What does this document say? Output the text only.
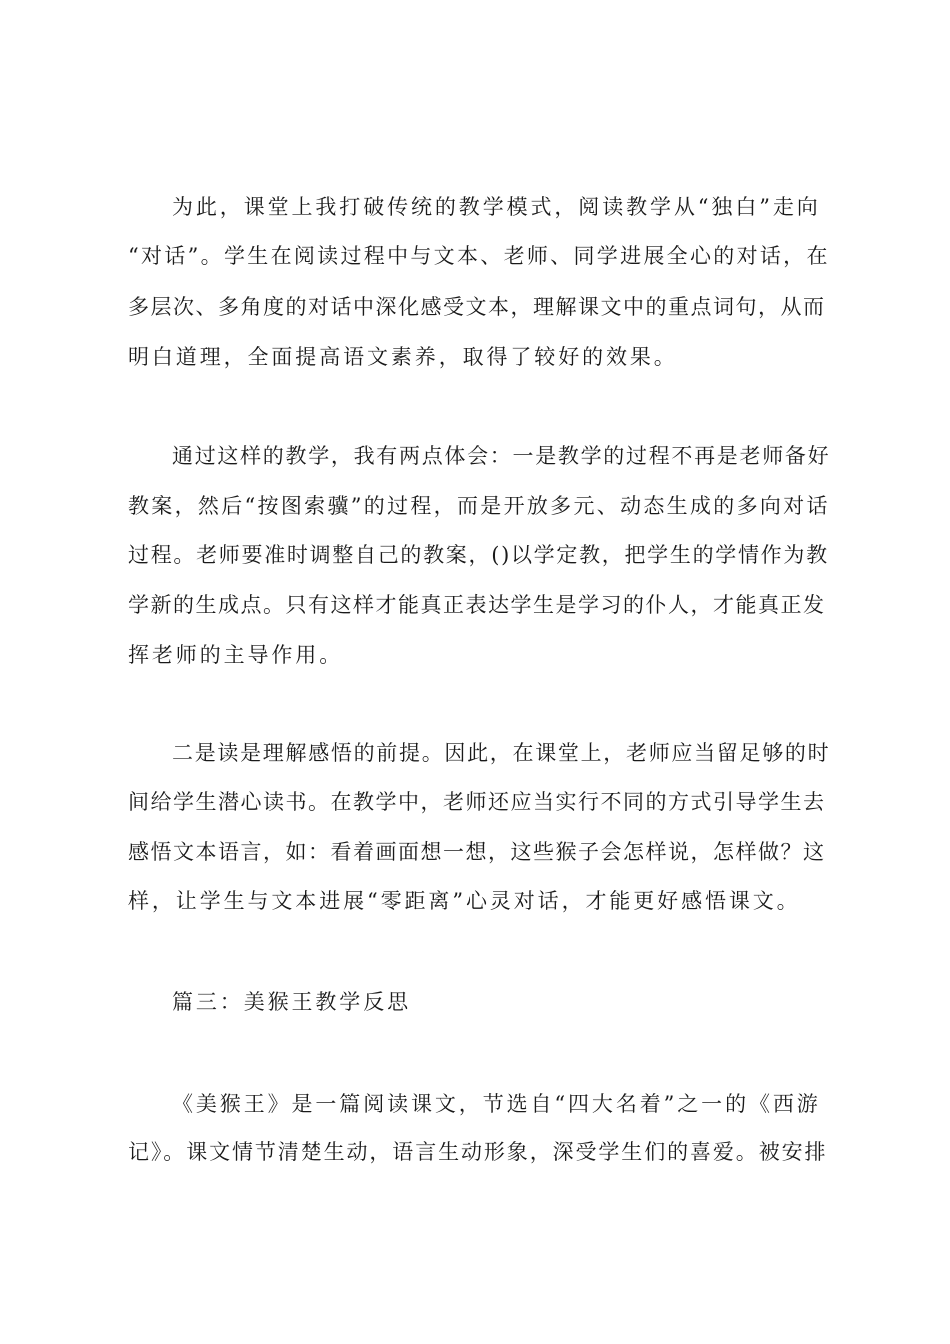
为此，课堂上我打破传统的教学模式，阅读教学从“独白”走向

“对话”。学生在阅读过程中与文本、老师、同学进展全心的对话，在

多层次、多角度的对话中深化感受文本，理解课文中的重点词句，从而

明白道理，全面提高语文素养，取得了较好的效果。

通过这样的教学，我有两点体会：一是教学的过程不再是老师备好

教案，然后“按图索骥”的过程，而是开放多元、动态生成的多向对话

过程。老师要准时调整自己的教案，()以学定教，把学生的学情作为教

学新的生成点。只有这样才能真正表达学生是学习的仆人，才能真正发

挥老师的主导作用。

二是读是理解感悟的前提。因此，在课堂上，老师应当留足够的时

间给学生潜心读书。在教学中，老师还应当实行不同的方式引导学生去

感悟文本语言，如：看着画面想一想，这些猴子会怎样说，怎样做？这

样，让学生与文本进展“零距离”心灵对话，才能更好感悟课文。

篇三：美猴王教学反思

《美猴王》是一篇阅读课文，节选自“四大名着”之一的《西游

记》。课文情节清楚生动，语言生动形象，深受学生们的喜爱。被安排
